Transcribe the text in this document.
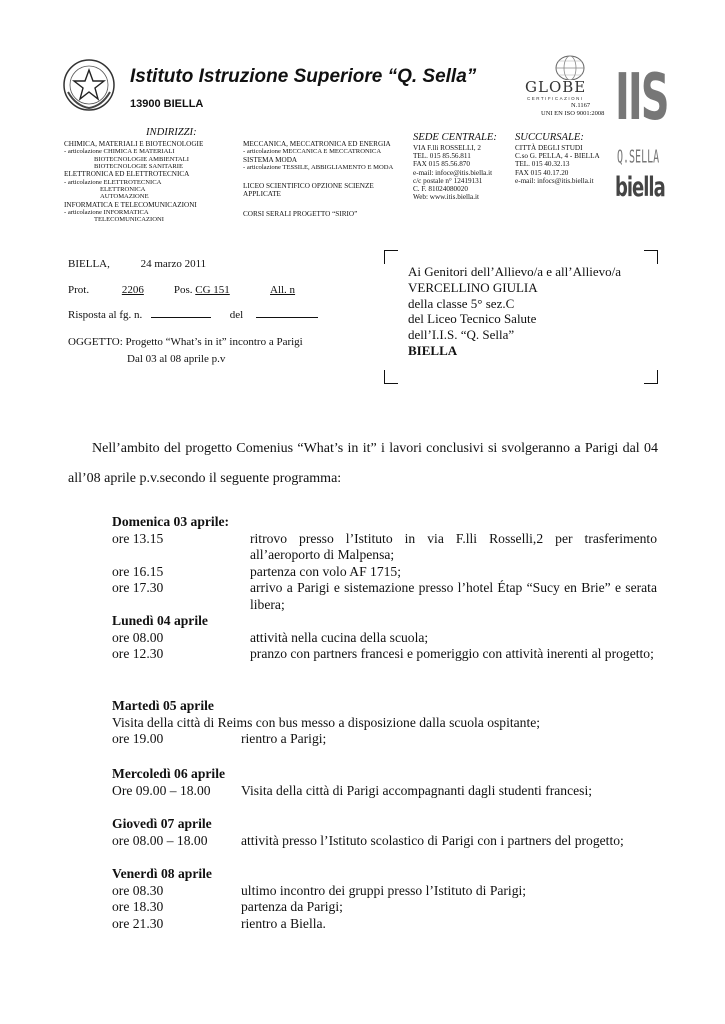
Istituto Istruzione Superiore “Q. Sella”
13900 BIELLA
GLOBE
CERTIFICAZIONI
N.1167
UNI EN ISO 9001:2008 IIS
Q.SELLA
biella
INDIRIZZI:
CHIMICA, MATERIALI E BIOTECNOLOGIE
- articolazione CHIMICA E MATERIALI
BIOTECNOLOGIE AMBIENTALI
BIOTECNOLOGIE SANITARIE
ELETTRONICA ED ELETTROTECNICA
- articolazione ELETTROTECNICA
ELETTRONICA
AUTOMAZIONE
INFORMATICA E TELECOMUNICAZIONI
- articolazione INFORMATICA
TELECOMUNICAZIONI
MECCANICA, MECCATRONICA ED ENERGIA
- articolazione MECCANICA E MECCATRONICA
SISTEMA MODA
- articolazione TESSILE, ABBIGLIAMENTO E MODA
LICEO SCIENTIFICO OPZIONE SCIENZE
APPLICATE
CORSI SERALI PROGETTO “SIRIO”
SEDE CENTRALE:
VIA F.lli ROSSELLI, 2
TEL. 015 85.56.811
FAX 015 85.56.870
e-mail: infoce@itis.biella.it
c/c postale n° 12419131
C. F. 81024080020
Web: www.itis.biella.it
SUCCURSALE:
CITTÀ DEGLI STUDI
C.so G. PELLA, 4 - BIELLA
TEL. 015 40.32.13
FAX 015 40.17.20
e-mail: infocs@itis.biella.it
BIELLA,	24 marzo 2011
Prot.	2206	Pos. CG 151	All. n
Risposta al fg. n.	del
OGGETTO: Progetto “What’s in it” incontro a Parigi
Dal 03 al 08 aprile p.v
Ai Genitori dell’Allievo/a e all’Allievo/a
VERCELLINO GIULIA
della classe 5° sez.C
del Liceo Tecnico Salute
dell’I.I.S. “Q. Sella”
BIELLA
Nell’ambito del progetto Comenius “What’s in it” i lavori conclusivi si svolgeranno a Parigi dal 04 all’08 aprile p.v.secondo il seguente programma:
Domenica 03 aprile:
ore 13.15	ritrovo presso l’Istituto in via F.lli Rosselli,2 per trasferimento all’aeroporto di Malpensa;
ore 16.15	partenza con volo AF 1715;
ore 17.30	arrivo a Parigi e sistemazione presso l’hotel Étap “Sucy en Brie” e serata libera;
Lunedì 04 aprile
ore 08.00	attività nella cucina della scuola;
ore 12.30	pranzo con partners francesi e pomeriggio con attività inerenti al progetto;
Martedì 05 aprile
Visita della città di Reims con bus messo a disposizione dalla scuola ospitante;
ore 19.00	rientro a Parigi;
Mercoledì 06 aprile
Ore 09.00 – 18.00	Visita della città di Parigi accompagnanti dagli studenti francesi;
Giovedì 07 aprile
ore 08.00 – 18.00	attività presso l’Istituto scolastico di Parigi con i partners del progetto;
Venerdì 08 aprile
ore 08.30	ultimo incontro dei gruppi presso l’Istituto di Parigi;
ore 18.30	partenza da Parigi;
ore 21.30	rientro a Biella.
